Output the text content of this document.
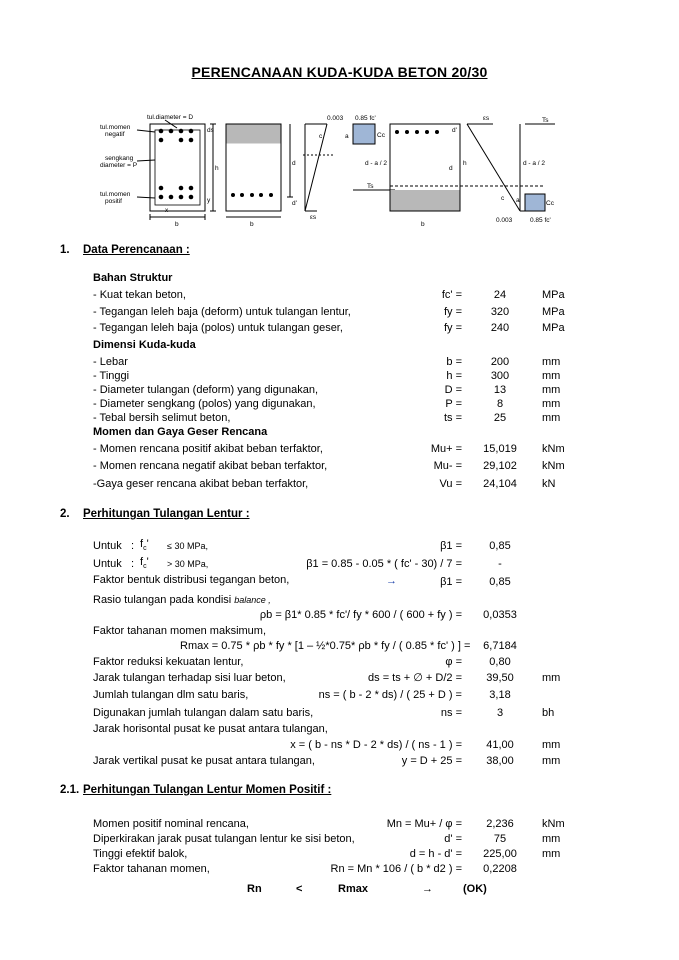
PERENCANAAN KUDA-KUDA BETON 20/30
tul.diameter = D
tul.momen
negatif
sengkang
diameter = P
tul.momen
positif
b	b	b
h
d	h
d
ds
y
x
d'
d'
c
c
a
a
0.003
0.003
0.85 fc'
0.85 fc'
Cc
Cc
Ts
Ts
εs
εs
d - a / 2	d - a / 2
1. Data Perencanaan :
Bahan Struktur
- Kuat tekan beton,	fc' =	24	MPa
- Tegangan leleh baja (deform) untuk tulangan lentur,	fy =	320	MPa
- Tegangan leleh baja (polos) untuk tulangan geser,	fy =	240	MPa
- Lebar	b =	200	mm
- Tinggi	h =	300	mm
- Diameter tulangan (deform) yang digunakan,	D =	13	mm
- Diameter sengkang (polos) yang digunakan,	P =	8	mm
- Tebal bersih selimut beton,	ts =	25	mm
- Momen rencana positif akibat beban terfaktor,	Mu+ =	15,019	kNm
- Momen rencana negatif akibat beban terfaktor,	Mu- =	29,102	kNm
-Gaya geser rencana akibat beban terfaktor,	Vu =	24,104	kN
Dimensi Kuda-kuda
Momen dan Gaya Geser Rencana
2. Perhitungan Tulangan Lentur :
Untuk : $f_c' \le 30$ MPa,	β1 =	0,85
Untuk : $f_c' > 30$ MPa,	β1 = 0.85 - 0.05 * ( fc' - 30) / 7 =	-
Faktor bentuk distribusi tegangan beton,	→	β1 =	0,85
Rasio tulangan pada kondisi balance ,
ρb = β1* 0.85 * fc'/ fy * 600 / ( 600 + fy ) =	0,0353
Faktor tahanan momen maksimum,
Rmax = 0.75 * ρb * fy * [1 – ½*0.75* ρb * fy / ( 0.85 * fc' ) ] =	6,7184
Faktor reduksi kekuatan lentur,	φ =	0,80
Jarak tulangan terhadap sisi luar beton,	ds = ts + ∅ + D/2 =	39,50	mm
Jumlah tulangan dlm satu baris,	ns = ( b - 2 * ds) / ( 25 + D ) =	3,18
Digunakan jumlah tulangan dalam satu baris,	ns =	3	bh
Jarak horisontal pusat ke pusat antara tulangan,
x = ( b - ns * D - 2 * ds) / ( ns - 1 ) =	41,00	mm
Jarak vertikal pusat ke pusat antara tulangan,	y = D + 25 =	38,00	mm
2.1. Perhitungan Tulangan Lentur Momen Positif :
Momen positif nominal rencana,	Mn = Mu+ / φ =	2,236	kNm
Diperkirakan jarak pusat tulangan lentur ke sisi beton,	d' =	75	mm
Tinggi efektif balok,	d = h - d' =	225,00	mm
Faktor tahanan momen,	Rn = Mn * 106 / ( b * d2 ) =	0,2208
Rn	<	Rmax	→	(OK)
